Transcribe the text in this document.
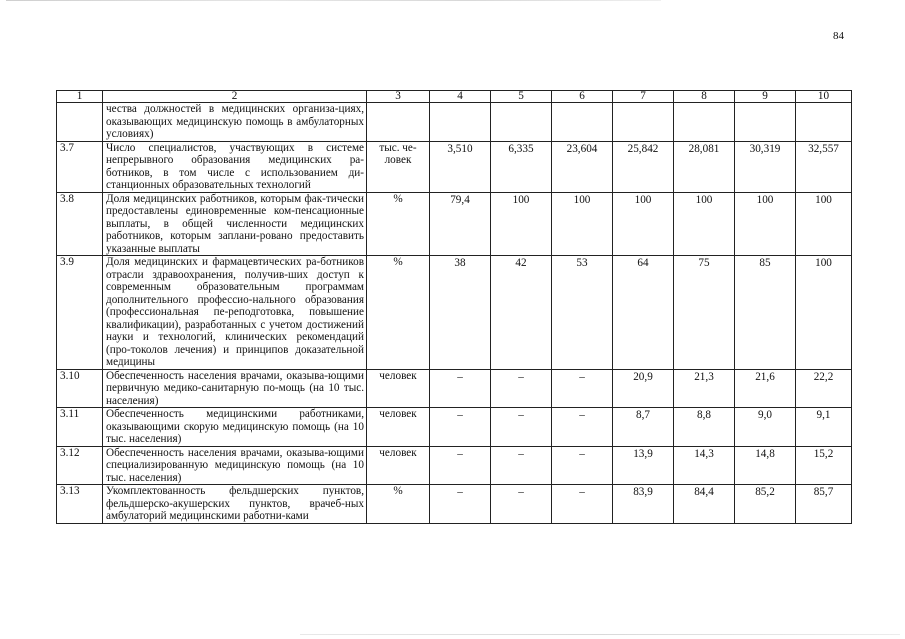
84
1	2	3	4	5	6	7	8	9	10
	чества должностей в медицинских организа-циях, оказывающих медицинскую помощь в амбулаторных условиях)								
3.7	Число специалистов, участвующих в системе непрерывного образования медицинских ра-ботников, в том числе с использованием ди-станционных образовательных технологий	тыс. че-ловек	3,510	6,335	23,604	25,842	28,081	30,319	32,557
3.8	Доля медицинских работников, которым фак-тически предоставлены единовременные ком-пенсационные выплаты, в общей численности медицинских работников, которым заплани-ровано предоставить указанные выплаты	%	79,4	100	100	100	100	100	100
3.9	Доля медицинских и фармацевтических ра-ботников отрасли здравоохранения, получив-ших доступ к современным образовательным программам дополнительного профессио-нального образования (профессиональная пе-реподготовка, повышение квалификации), разработанных с учетом достижений науки и технологий, клинических рекомендаций (про-токолов лечения) и принципов доказательной медицины	%	38	42	53	64	75	85	100
3.10	Обеспеченность населения врачами, оказыва-ющими первичную медико-санитарную по-мощь (на 10 тыс. населения)	человек	–	–	–	20,9	21,3	21,6	22,2
3.11	Обеспеченность медицинскими работниками, оказывающими скорую медицинскую помощь (на 10 тыс. населения)	человек	–	–	–	8,7	8,8	9,0	9,1
3.12	Обеспеченность населения врачами, оказыва-ющими специализированную медицинскую помощь (на 10 тыс. населения)	человек	–	–	–	13,9	14,3	14,8	15,2
3.13	Укомплектованность фельдшерских пунктов, фельдшерско-акушерских пунктов, врачеб-ных амбулаторий медицинскими работни-ками	%	–	–	–	83,9	84,4	85,2	85,7
